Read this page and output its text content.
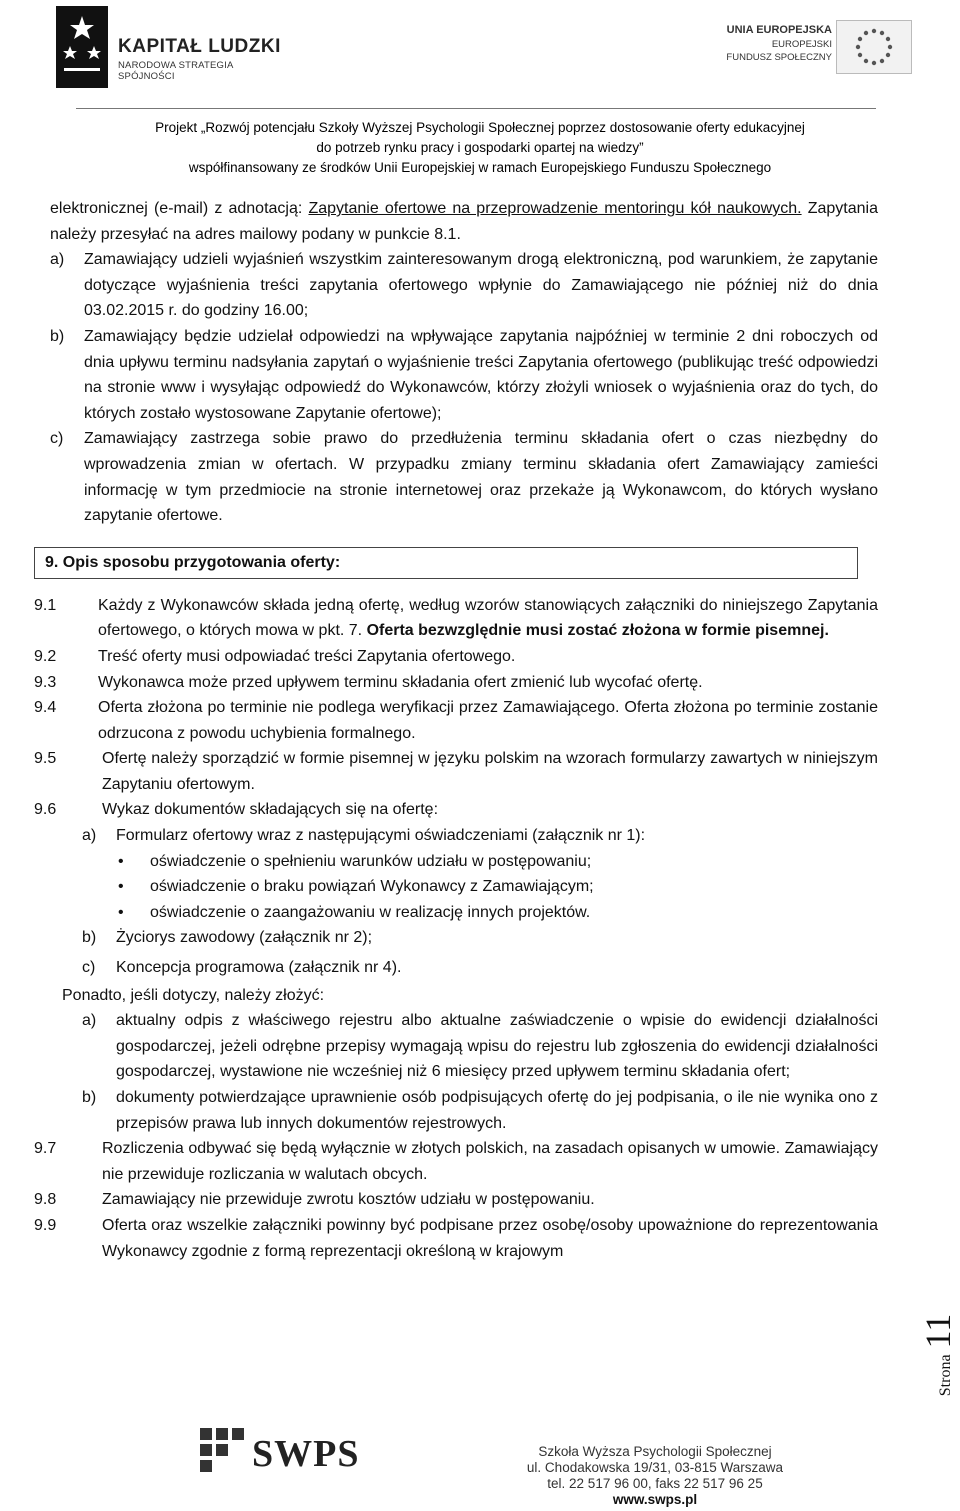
KAPITAŁ LUDZKI
NARODOWA STRATEGIA SPÓJNOŚCI
UNIA EUROPEJSKA
EUROPEJSKI
FUNDUSZ SPOŁECZNY
Projekt „Rozwój potencjału Szkoły Wyższej Psychologii Społecznej poprzez dostosowanie oferty edukacyjnej
do potrzeb rynku pracy i gospodarki opartej na wiedzy”
współfinansowany ze środków Unii Europejskiej w ramach Europejskiego Funduszu Społecznego

elektronicznej (e-mail) z adnotacją: Zapytanie ofertowe na przeprowadzenie mentoringu kół naukowych. Zapytania należy przesyłać na adres mailowy podany w punkcie 8.1.

a) Zamawiający udzieli wyjaśnień wszystkim zainteresowanym drogą elektroniczną, pod warunkiem, że zapytanie dotyczące wyjaśnienia treści zapytania ofertowego wpłynie do Zamawiającego nie później niż do dnia 03.02.2015 r. do godziny 16.00;
b) Zamawiający będzie udzielał odpowiedzi na wpływające zapytania najpóźniej w terminie 2 dni roboczych od dnia upływu terminu nadsyłania zapytań o wyjaśnienie treści Zapytania ofertowego (publikując treść odpowiedzi na stronie www i wysyłając odpowiedź do Wykonawców, którzy złożyli wniosek o wyjaśnienia oraz do tych, do których zostało wystosowane Zapytanie ofertowe);
c) Zamawiający zastrzega sobie prawo do przedłużenia terminu składania ofert o czas niezbędny do wprowadzenia zmian w ofertach. W przypadku zmiany terminu składania ofert Zamawiający zamieści informację w tym przedmiocie na stronie internetowej oraz przekaże ją Wykonawcom, do których wysłano zapytanie ofertowe.
9. Opis sposobu przygotowania oferty:
9.1	Każdy z Wykonawców składa jedną ofertę, według wzorów stanowiących załączniki do niniejszego Zapytania ofertowego, o których mowa w pkt. 7. Oferta bezwzględnie musi zostać złożona w formie pisemnej.
9.2	Treść oferty musi odpowiadać treści Zapytania ofertowego.
9.3	Wykonawca może przed upływem terminu składania ofert zmienić lub wycofać ofertę.
9.4	Oferta złożona po terminie nie podlega weryfikacji przez Zamawiającego. Oferta złożona po terminie zostanie odrzucona z powodu uchybienia formalnego.
9.5	Ofertę należy sporządzić w formie pisemnej w języku polskim na wzorach formularzy zawartych w niniejszym Zapytaniu ofertowym.
9.6	Wykaz dokumentów składających się na ofertę:
a) Formularz ofertowy wraz z następującymi oświadczeniami (załącznik nr 1):
• oświadczenie o spełnieniu warunków udziału w postępowaniu;
• oświadczenie o braku powiązań Wykonawcy z Zamawiającym;
• oświadczenie o zaangażowaniu w realizację innych projektów.
b) Życiorys zawodowy (załącznik nr 2);
c) Koncepcja programowa (załącznik nr 4).
Ponadto, jeśli dotyczy, należy złożyć:
a) aktualny odpis z właściwego rejestru albo aktualne zaświadczenie o wpisie do ewidencji działalności gospodarczej, jeżeli odrębne przepisy wymagają wpisu do rejestru lub zgłoszenia do ewidencji działalności gospodarczej, wystawione nie wcześniej niż 6 miesięcy przed upływem terminu składania ofert;
b) dokumenty potwierdzające uprawnienie osób podpisujących ofertę do jej podpisania, o ile nie wynika ono z przepisów prawa lub innych dokumentów rejestrowych.
9.7	Rozliczenia odbywać się będą wyłącznie w złotych polskich, na zasadach opisanych w umowie. Zamawiający nie przewiduje rozliczania w walutach obcych.
9.8	Zamawiający nie przewiduje zwrotu kosztów udziału w postępowaniu.
9.9	Oferta oraz wszelkie załączniki powinny być podpisane przez osobę/osoby upoważnione do reprezentowania Wykonawcy zgodnie z formą reprezentacji określoną w krajowym
Strona11
SWPS	Szkoła Wyższa Psychologii Społecznej
ul. Chodakowska 19/31, 03-815 Warszawa
tel. 22 517 96 00, faks 22 517 96 25
www.swps.pl
